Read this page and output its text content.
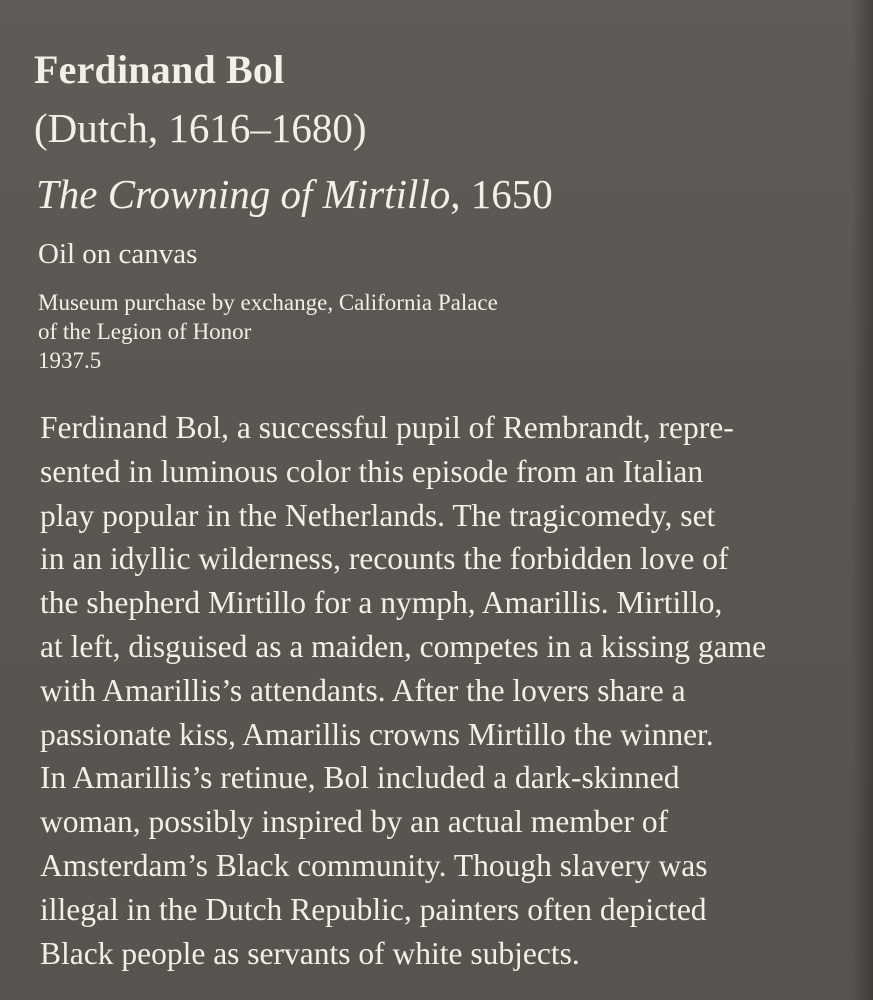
Ferdinand Bol
(Dutch, 1616–1680)
The Crowning of Mirtillo, 1650
Oil on canvas
Museum purchase by exchange, California Palace
of the Legion of Honor
1937.5
Ferdinand Bol, a successful pupil of Rembrandt, repre-
sented in luminous color this episode from an Italian
play popular in the Netherlands. The tragicomedy, set
in an idyllic wilderness, recounts the forbidden love of
the shepherd Mirtillo for a nymph, Amarillis. Mirtillo,
at left, disguised as a maiden, competes in a kissing game
with Amarillis’s attendants. After the lovers share a
passionate kiss, Amarillis crowns Mirtillo the winner.
In Amarillis’s retinue, Bol included a dark-skinned
woman, possibly inspired by an actual member of
Amsterdam’s Black community. Though slavery was
illegal in the Dutch Republic, painters often depicted
Black people as servants of white subjects.
